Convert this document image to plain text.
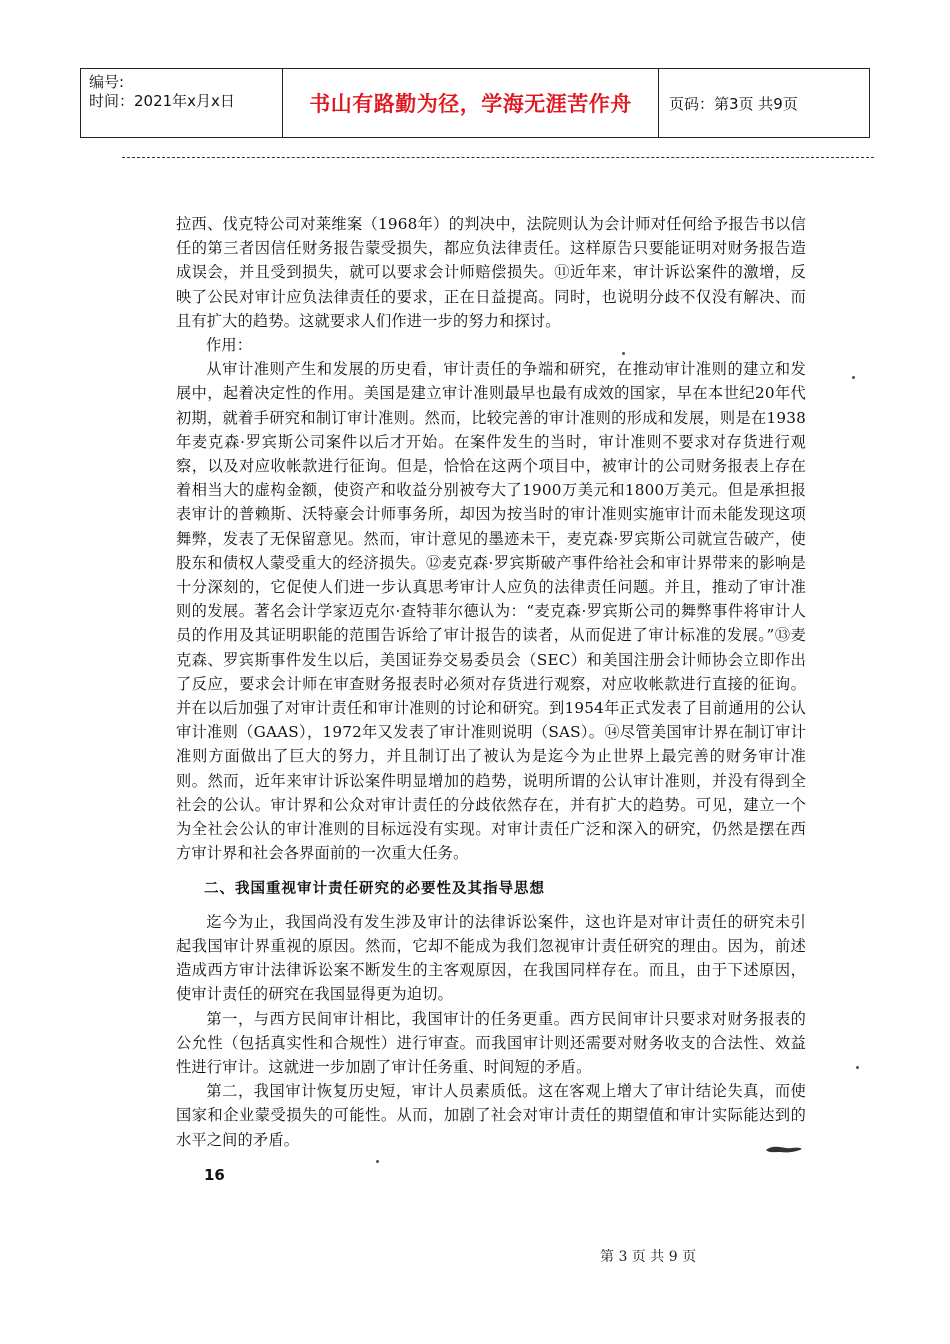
编号:
时间：2021年x月x日	书山有路勤为径，学海无涯苦作舟	页码：第3页 共9页

拉西、伐克特公司对莱维案（1968年）的判决中，法院则认为会计师对任何给予报告书以信任的第三者因信任财务报告蒙受损失，都应负法律责任。这样原告只要能证明对财务报告造成误会，并且受到损失，就可以要求会计师赔偿损失。⑪近年来，审计诉讼案件的激增，反映了公民对审计应负法律责任的要求，正在日益提高。同时，也说明分歧不仅没有解决、而且有扩大的趋势。这就要求人们作进一步的努力和探讨。

作用：

从审计准则产生和发展的历史看，审计责任的争端和研究，在推动审计准则的建立和发展中，起着决定性的作用。美国是建立审计准则最早也最有成效的国家，早在本世纪20年代初期，就着手研究和制订审计准则。然而，比较完善的审计准则的形成和发展，则是在1938年麦克森·罗宾斯公司案件以后才开始。在案件发生的当时，审计准则不要求对存货进行观察，以及对应收帐款进行征询。但是，恰恰在这两个项目中，被审计的公司财务报表上存在着相当大的虚构金额，使资产和收益分别被夸大了1900万美元和1800万美元。但是承担报表审计的普赖斯、沃特豪会计师事务所，却因为按当时的审计准则实施审计而未能发现这项舞弊，发表了无保留意见。然而，审计意见的墨迹未干，麦克森·罗宾斯公司就宣告破产，使股东和债权人蒙受重大的经济损失。⑫麦克森·罗宾斯破产事件给社会和审计界带来的影响是十分深刻的，它促使人们进一步认真思考审计人应负的法律责任问题。并且，推动了审计准则的发展。著名会计学家迈克尔·查特菲尔德认为：“麦克森·罗宾斯公司的舞弊事件将审计人员的作用及其证明职能的范围告诉给了审计报告的读者，从而促进了审计标准的发展。”⑬麦克森、罗宾斯事件发生以后，美国证券交易委员会（SEC）和美国注册会计师协会立即作出了反应，要求会计师在审查财务报表时必须对存货进行观察，对应收帐款进行直接的征询。并在以后加强了对审计责任和审计准则的讨论和研究。到1954年正式发表了目前通用的公认审计准则（GAAS），1972年又发表了审计准则说明（SAS）。⑭尽管美国审计界在制订审计准则方面做出了巨大的努力，并且制订出了被认为是迄今为止世界上最完善的财务审计准则。然而，近年来审计诉讼案件明显增加的趋势，说明所谓的公认审计准则，并没有得到全社会的公认。审计界和公众对审计责任的分歧依然存在，并有扩大的趋势。可见，建立一个为全社会公认的审计准则的目标远没有实现。对审计责任广泛和深入的研究，仍然是摆在西方审计界和社会各界面前的一次重大任务。

二、我国重视审计责任研究的必要性及其指导思想

迄今为止，我国尚没有发生涉及审计的法律诉讼案件，这也许是对审计责任的研究未引起我国审计界重视的原因。然而，它却不能成为我们忽视审计责任研究的理由。因为，前述造成西方审计法律诉讼案不断发生的主客观原因，在我国同样存在。而且，由于下述原因，使审计责任的研究在我国显得更为迫切。

第一，与西方民间审计相比，我国审计的任务更重。西方民间审计只要求对财务报表的公允性（包括真实性和合规性）进行审查。而我国审计则还需要对财务收支的合法性、效益性进行审计。这就进一步加剧了审计任务重、时间短的矛盾。

第二，我国审计恢复历史短，审计人员素质低。这在客观上增大了审计结论失真，而使国家和企业蒙受损失的可能性。从而，加剧了社会对审计责任的期望值和审计实际能达到的水平之间的矛盾。

16
第 3 页 共 9 页
